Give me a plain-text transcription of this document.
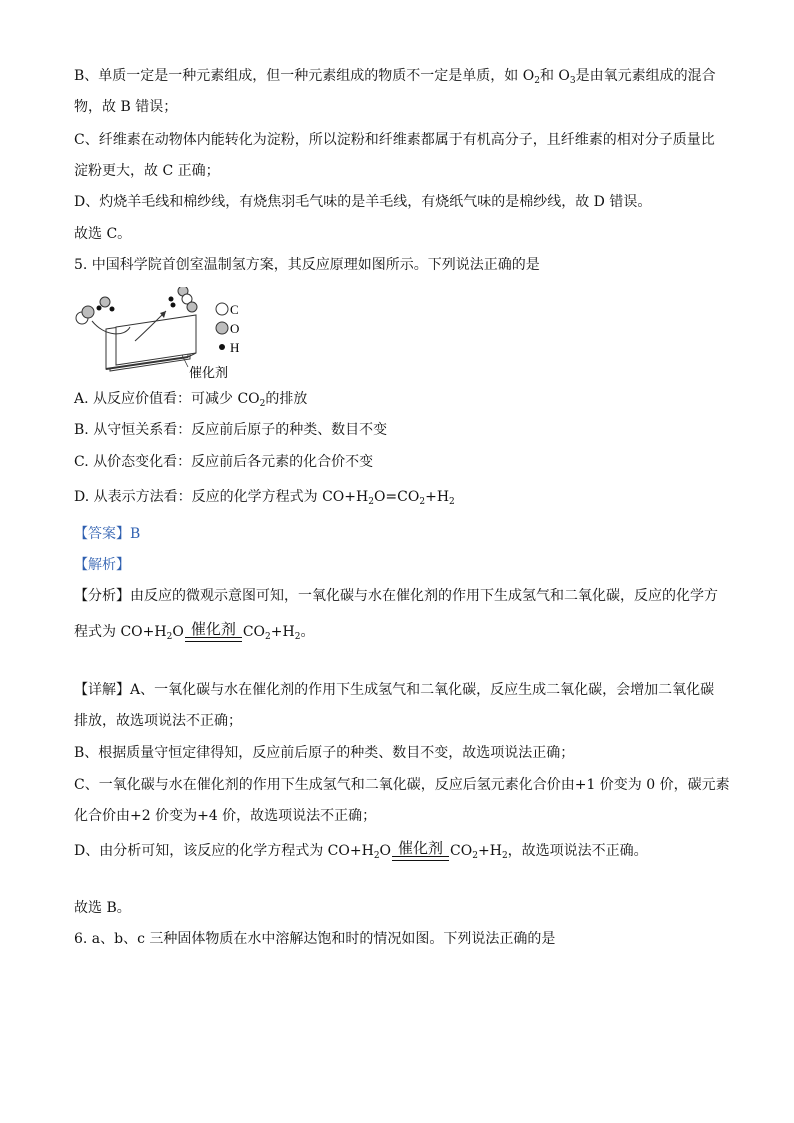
B、单质一定是一种元素组成，但一种元素组成的物质不一定是单质，如 $O_2$和 $O_3$是由氧元素组成的混合
物，故 B 错误；
C、纤维素在动物体内能转化为淀粉，所以淀粉和纤维素都属于有机高分子，且纤维素的相对分子质量比
淀粉更大，故 C 正确；
D、灼烧羊毛线和棉纱线，有烧焦羽毛气味的是羊毛线，有烧纸气味的是棉纱线，故 D 错误。
故选 C。
5. 中国科学院首创室温制氢方案，其反应原理如图所示。下列说法正确的是
C
O
H
催化剂
A. 从反应价值看：可减少 $CO_2$的排放
B. 从守恒关系看：反应前后原子的种类、数目不变
C. 从价态变化看：反应前后各元素的化合价不变
D. 从表示方法看：反应的化学方程式为 $CO+H_2O=CO_2+H_2$
【答案】B
【解析】
【分析】由反应的微观示意图可知，一氧化碳与水在催化剂的作用下生成氢气和二氧化碳，反应的化学方
程式为 $CO+H_2O$ 催化剂 $CO_2+H_2$。
【详解】A、一氧化碳与水在催化剂的作用下生成氢气和二氧化碳，反应生成二氧化碳，会增加二氧化碳
排放，故选项说法不正确；
B、根据质量守恒定律得知，反应前后原子的种类、数目不变，故选项说法正确；
C、一氧化碳与水在催化剂的作用下生成氢气和二氧化碳，反应后氢元素化合价由+1 价变为 0 价，碳元素
化合价由+2 价变为+4 价，故选项说法不正确；
D、由分析可知，该反应的化学方程式为 $CO+H_2O$ 催化剂 $CO_2+H_2$，故选项说法不正确。
故选 B。
6. a、b、c 三种固体物质在水中溶解达饱和时的情况如图。下列说法正确的是
